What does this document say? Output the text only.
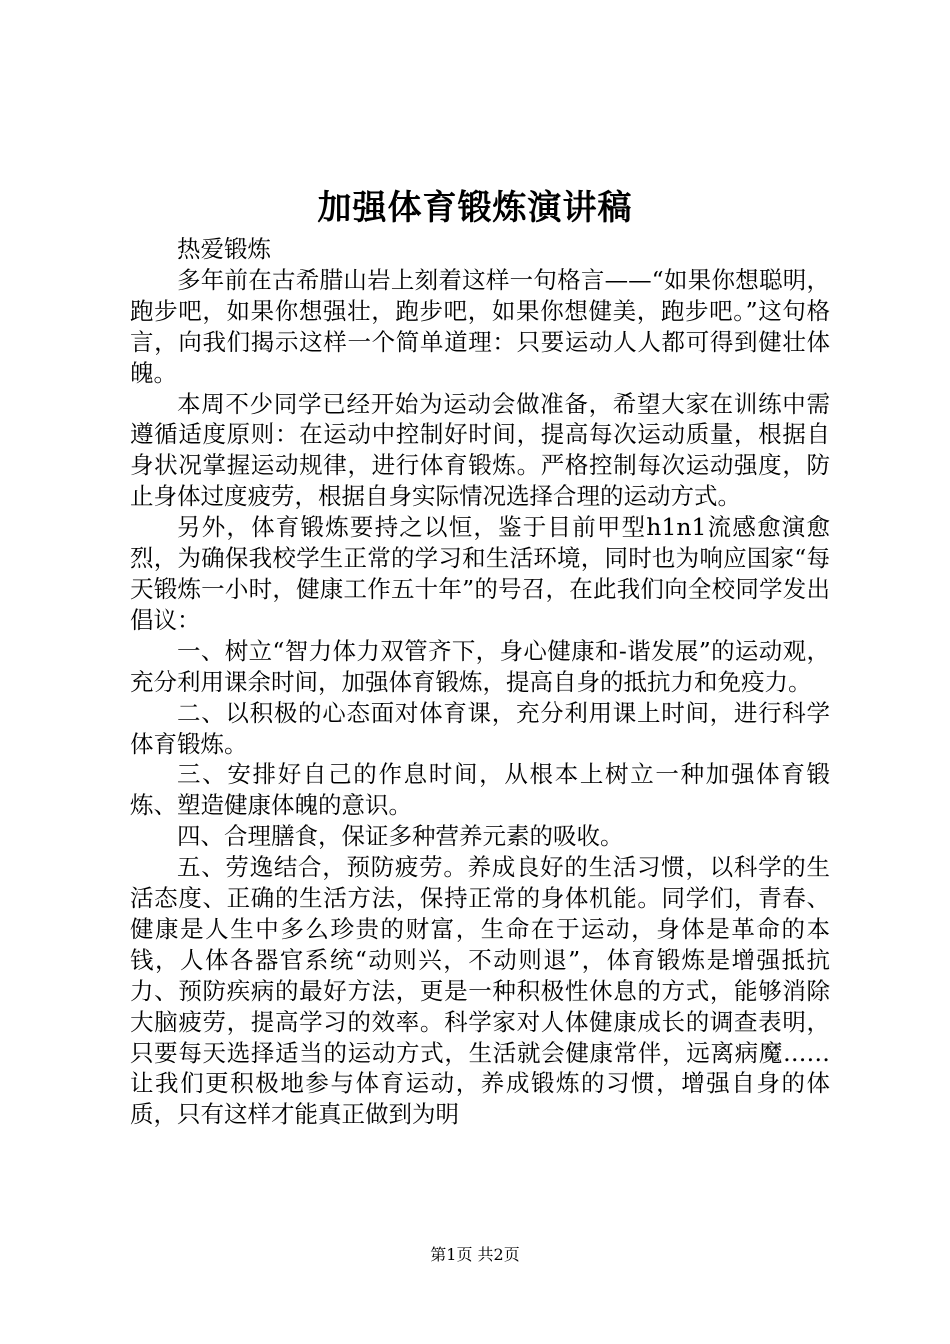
加强体育锻炼演讲稿

热爱锻炼

多年前在古希腊山岩上刻着这样一句格言——“如果你想聪明，跑步吧，如果你想强壮，跑步吧，如果你想健美，跑步吧。”这句格言，向我们揭示这样一个简单道理：只要运动人人都可得到健壮体魄。

本周不少同学已经开始为运动会做准备，希望大家在训练中需遵循适度原则：在运动中控制好时间，提高每次运动质量，根据自身状况掌握运动规律，进行体育锻炼。严格控制每次运动强度，防止身体过度疲劳，根据自身实际情况选择合理的运动方式。

另外，体育锻炼要持之以恒，鉴于目前甲型h1n1流感愈演愈烈，为确保我校学生正常的学习和生活环境，同时也为响应国家“每天锻炼一小时，健康工作五十年”的号召，在此我们向全校同学发出倡议：

一、树立“智力体力双管齐下，身心健康和-谐发展”的运动观，充分利用课余时间，加强体育锻炼，提高自身的抵抗力和免疫力。

二、以积极的心态面对体育课，充分利用课上时间，进行科学体育锻炼。

三、安排好自己的作息时间，从根本上树立一种加强体育锻炼、塑造健康体魄的意识。

四、合理膳食，保证多种营养元素的吸收。

五、劳逸结合，预防疲劳。养成良好的生活习惯，以科学的生活态度、正确的生活方法，保持正常的身体机能。同学们，青春、健康是人生中多么珍贵的财富，生命在于运动，身体是革命的本钱，人体各器官系统“动则兴，不动则退”，体育锻炼是增强抵抗力、预防疾病的最好方法，更是一种积极性休息的方式，能够消除大脑疲劳，提高学习的效率。科学家对人体健康成长的调查表明，只要每天选择适当的运动方式，生活就会健康常伴，远离病魔……让我们更积极地参与体育运动，养成锻炼的习惯，增强自身的体质，只有这样才能真正做到为明

第1页 共2页
